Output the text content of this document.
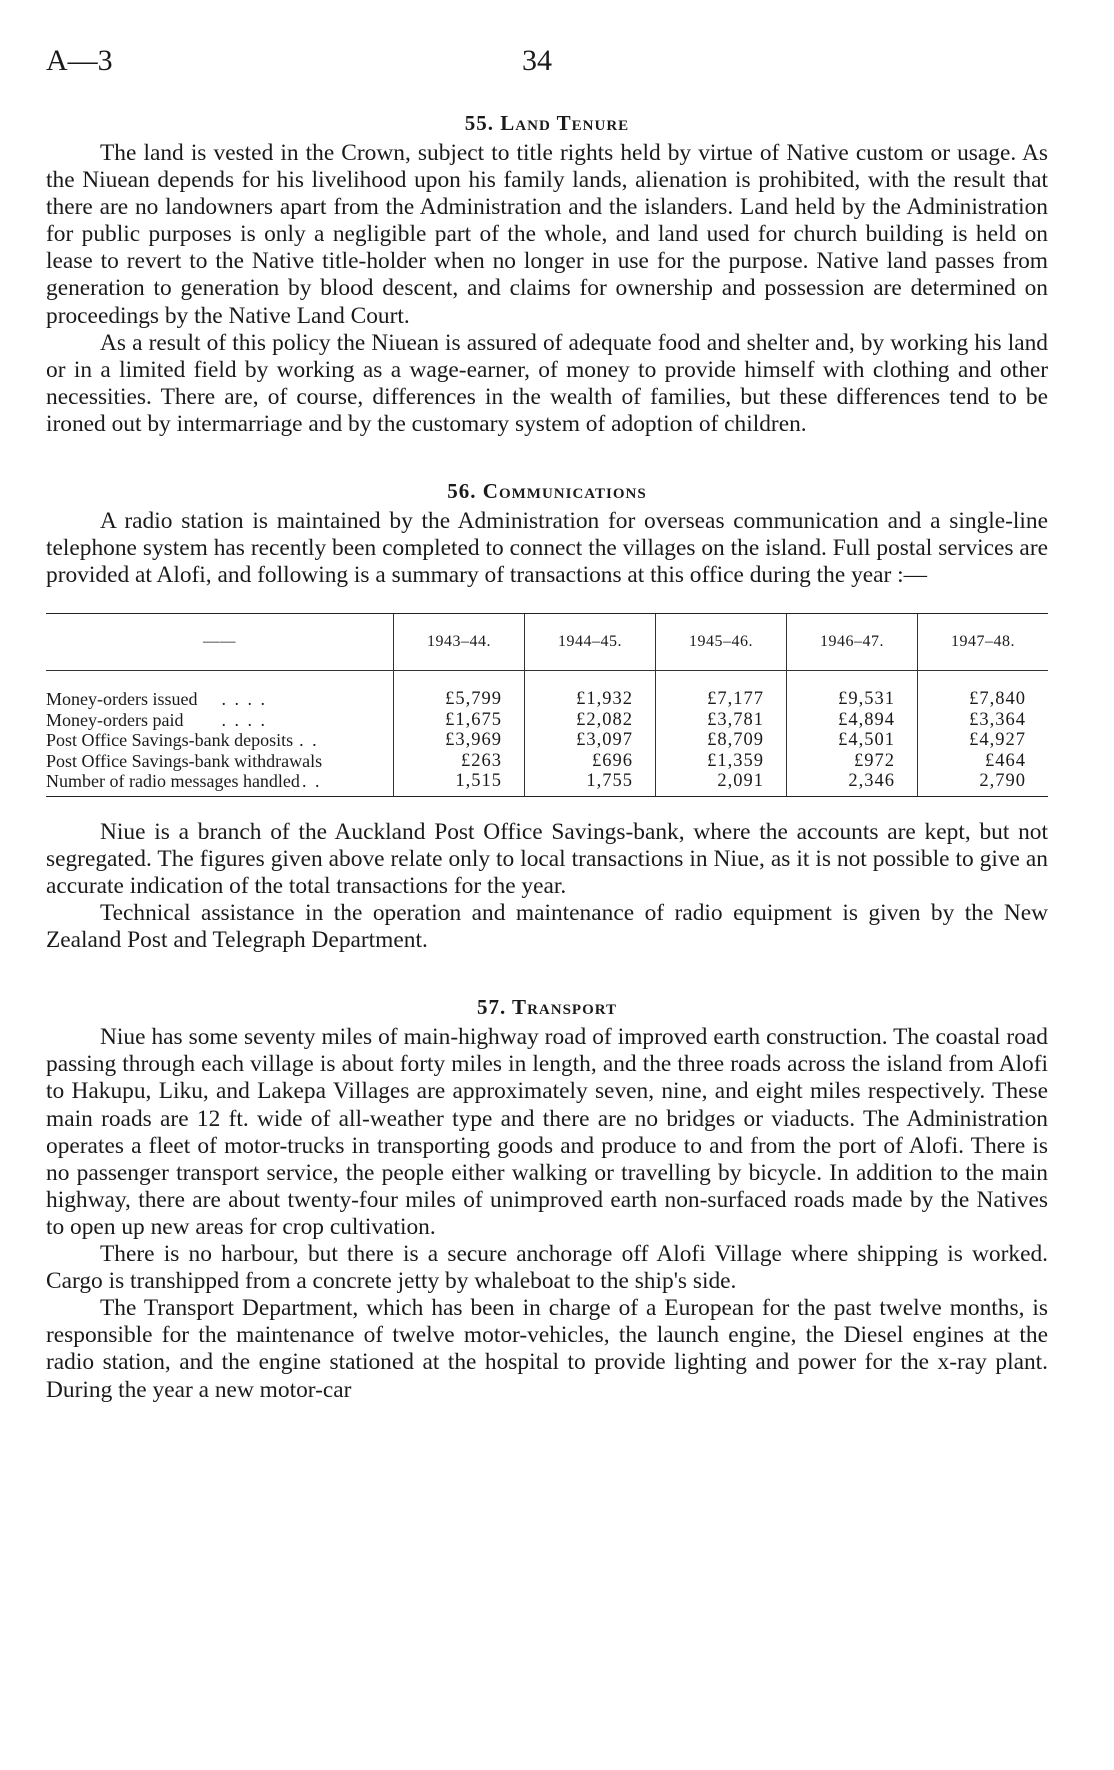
A—3	34
55. Land Tenure

The land is vested in the Crown, subject to title rights held by virtue of Native custom or usage. As the Niuean depends for his livelihood upon his family lands, alienation is prohibited, with the result that there are no landowners apart from the Administration and the islanders. Land held by the Administration for public purposes is only a negligible part of the whole, and land used for church building is held on lease to revert to the Native title-holder when no longer in use for the purpose. Native land passes from generation to generation by blood descent, and claims for ownership and possession are determined on proceedings by the Native Land Court.

As a result of this policy the Niuean is assured of adequate food and shelter and, by working his land or in a limited field by working as a wage-earner, of money to provide himself with clothing and other necessities. There are, of course, differences in the wealth of families, but these differences tend to be ironed out by intermarriage and by the customary system of adoption of children.

56. Communications

A radio station is maintained by the Administration for overseas communication and a single-line telephone system has recently been completed to connect the villages on the island. Full postal services are provided at Alofi, and following is a summary of transactions at this office during the year :—

——	1943–44.	1944–45.	1945–46.	1946–47.	1947–48.

Money-orders issued . . . .	£5,799	£1,932	£7,177	£9,531	£7,840
Money-orders paid . . . .	£1,675	£2,082	£3,781	£4,894	£3,364
Post Office Savings-bank deposits . .	£3,969	£3,097	£8,709	£4,501	£4,927
Post Office Savings-bank withdrawals	£263	£696	£1,359	£972	£464
Number of radio messages handled . .	1,515	1,755	2,091	2,346	2,790

Niue is a branch of the Auckland Post Office Savings-bank, where the accounts are kept, but not segregated. The figures given above relate only to local transactions in Niue, as it is not possible to give an accurate indication of the total transactions for the year.

Technical assistance in the operation and maintenance of radio equipment is given by the New Zealand Post and Telegraph Department.

57. Transport

Niue has some seventy miles of main-highway road of improved earth construction. The coastal road passing through each village is about forty miles in length, and the three roads across the island from Alofi to Hakupu, Liku, and Lakepa Villages are approximately seven, nine, and eight miles respectively. These main roads are 12 ft. wide of all-weather type and there are no bridges or viaducts. The Administration operates a fleet of motor-trucks in transporting goods and produce to and from the port of Alofi. There is no passenger transport service, the people either walking or travelling by bicycle. In addition to the main highway, there are about twenty-four miles of unimproved earth non-surfaced roads made by the Natives to open up new areas for crop cultivation.

There is no harbour, but there is a secure anchorage off Alofi Village where shipping is worked. Cargo is transhipped from a concrete jetty by whaleboat to the ship's side.

The Transport Department, which has been in charge of a European for the past twelve months, is responsible for the maintenance of twelve motor-vehicles, the launch engine, the Diesel engines at the radio station, and the engine stationed at the hospital to provide lighting and power for the x-ray plant. During the year a new motor-car
